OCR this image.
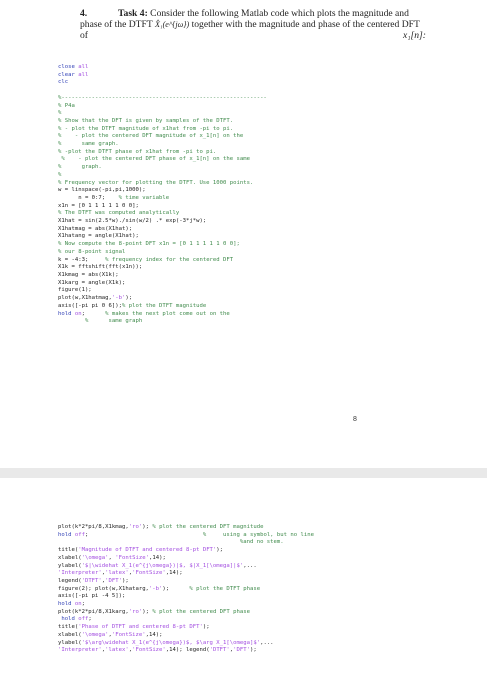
4.	Task 4: Consider the following Matlab code which plots the magnitude and
phase of the DTFT X̂₁(e^{jω}) together with the magnitude and phase of the centered DFT
of	x₁[n]:
close all
clear all
clc

%-------------------------------------------------------------
% P4a
%
% Show that the DFT is given by samples of the DTFT.
% - plot the DTFT magnitude of x1hat from -pi to pi.
%    - plot the centered DFT magnitude of x_1[n] on the
%      same graph.
% -plot the DTFT phase of x1hat from -pi to pi.
%    - plot the centered DFT phase of x_1[n] on the same
%      graph.
%
% Frequency vector for plotting the DTFT. Use 1000 points.
w = linspace(-pi,pi,1000);
n = 0:7;    % time variable
x1n = [0 1 1 1 1 1 0 0];
% The DTFT was computed analytically
X1hat = sin(2.5*w)./sin(w/2) .* exp(-3*j*w);
X1hatmag = abs(X1hat);
X1hatang = angle(X1hat);
% Now compute the 8-point DFT x1n = [0 1 1 1 1 1 0 0];
% our 8-point signal
k = -4:3;     % frequency index for the centered DFT
X1k = fftshift(fft(x1n));
X1kmag = abs(X1k);
X1karg = angle(X1k);
figure(1);
plot(w,X1hatmag,'-b');
axis([-pi pi 0 6]);% plot the DTFT magnitude
hold on;      % makes the next plot come out on the
%      same graph
8
plot(k*2*pi/8,X1kmag,'ro'); % plot the centered DFT magnitude
hold off;                                  %     using a symbol, but no line
%and no stem.
title('Magnitude of DTFT and centered 8-pt DFT');
xlabel('\omega', 'FontSize',14);
ylabel('$|\widehat X_1(e^{j\omega})|$, $|X_1[\omega]|$',...
'Interpreter','latex','FontSize',14);
legend('DTFT','DFT');
figure(2); plot(w,X1hatarg,'-b');      % plot the DTFT phase
axis([-pi pi -4 5]);
hold on;
plot(k*2*pi/8,X1karg,'ro'); % plot the centered DFT phase
hold off;
title('Phase of DTFT and centered 8-pt DFT');
xlabel('\omega','FontSize',14);
ylabel('$\arg\widehat X_1(e^{j\omega})$, $\arg X_1[\omega]$',...
'Interpreter','latex','FontSize',14); legend('DTFT','DFT');
